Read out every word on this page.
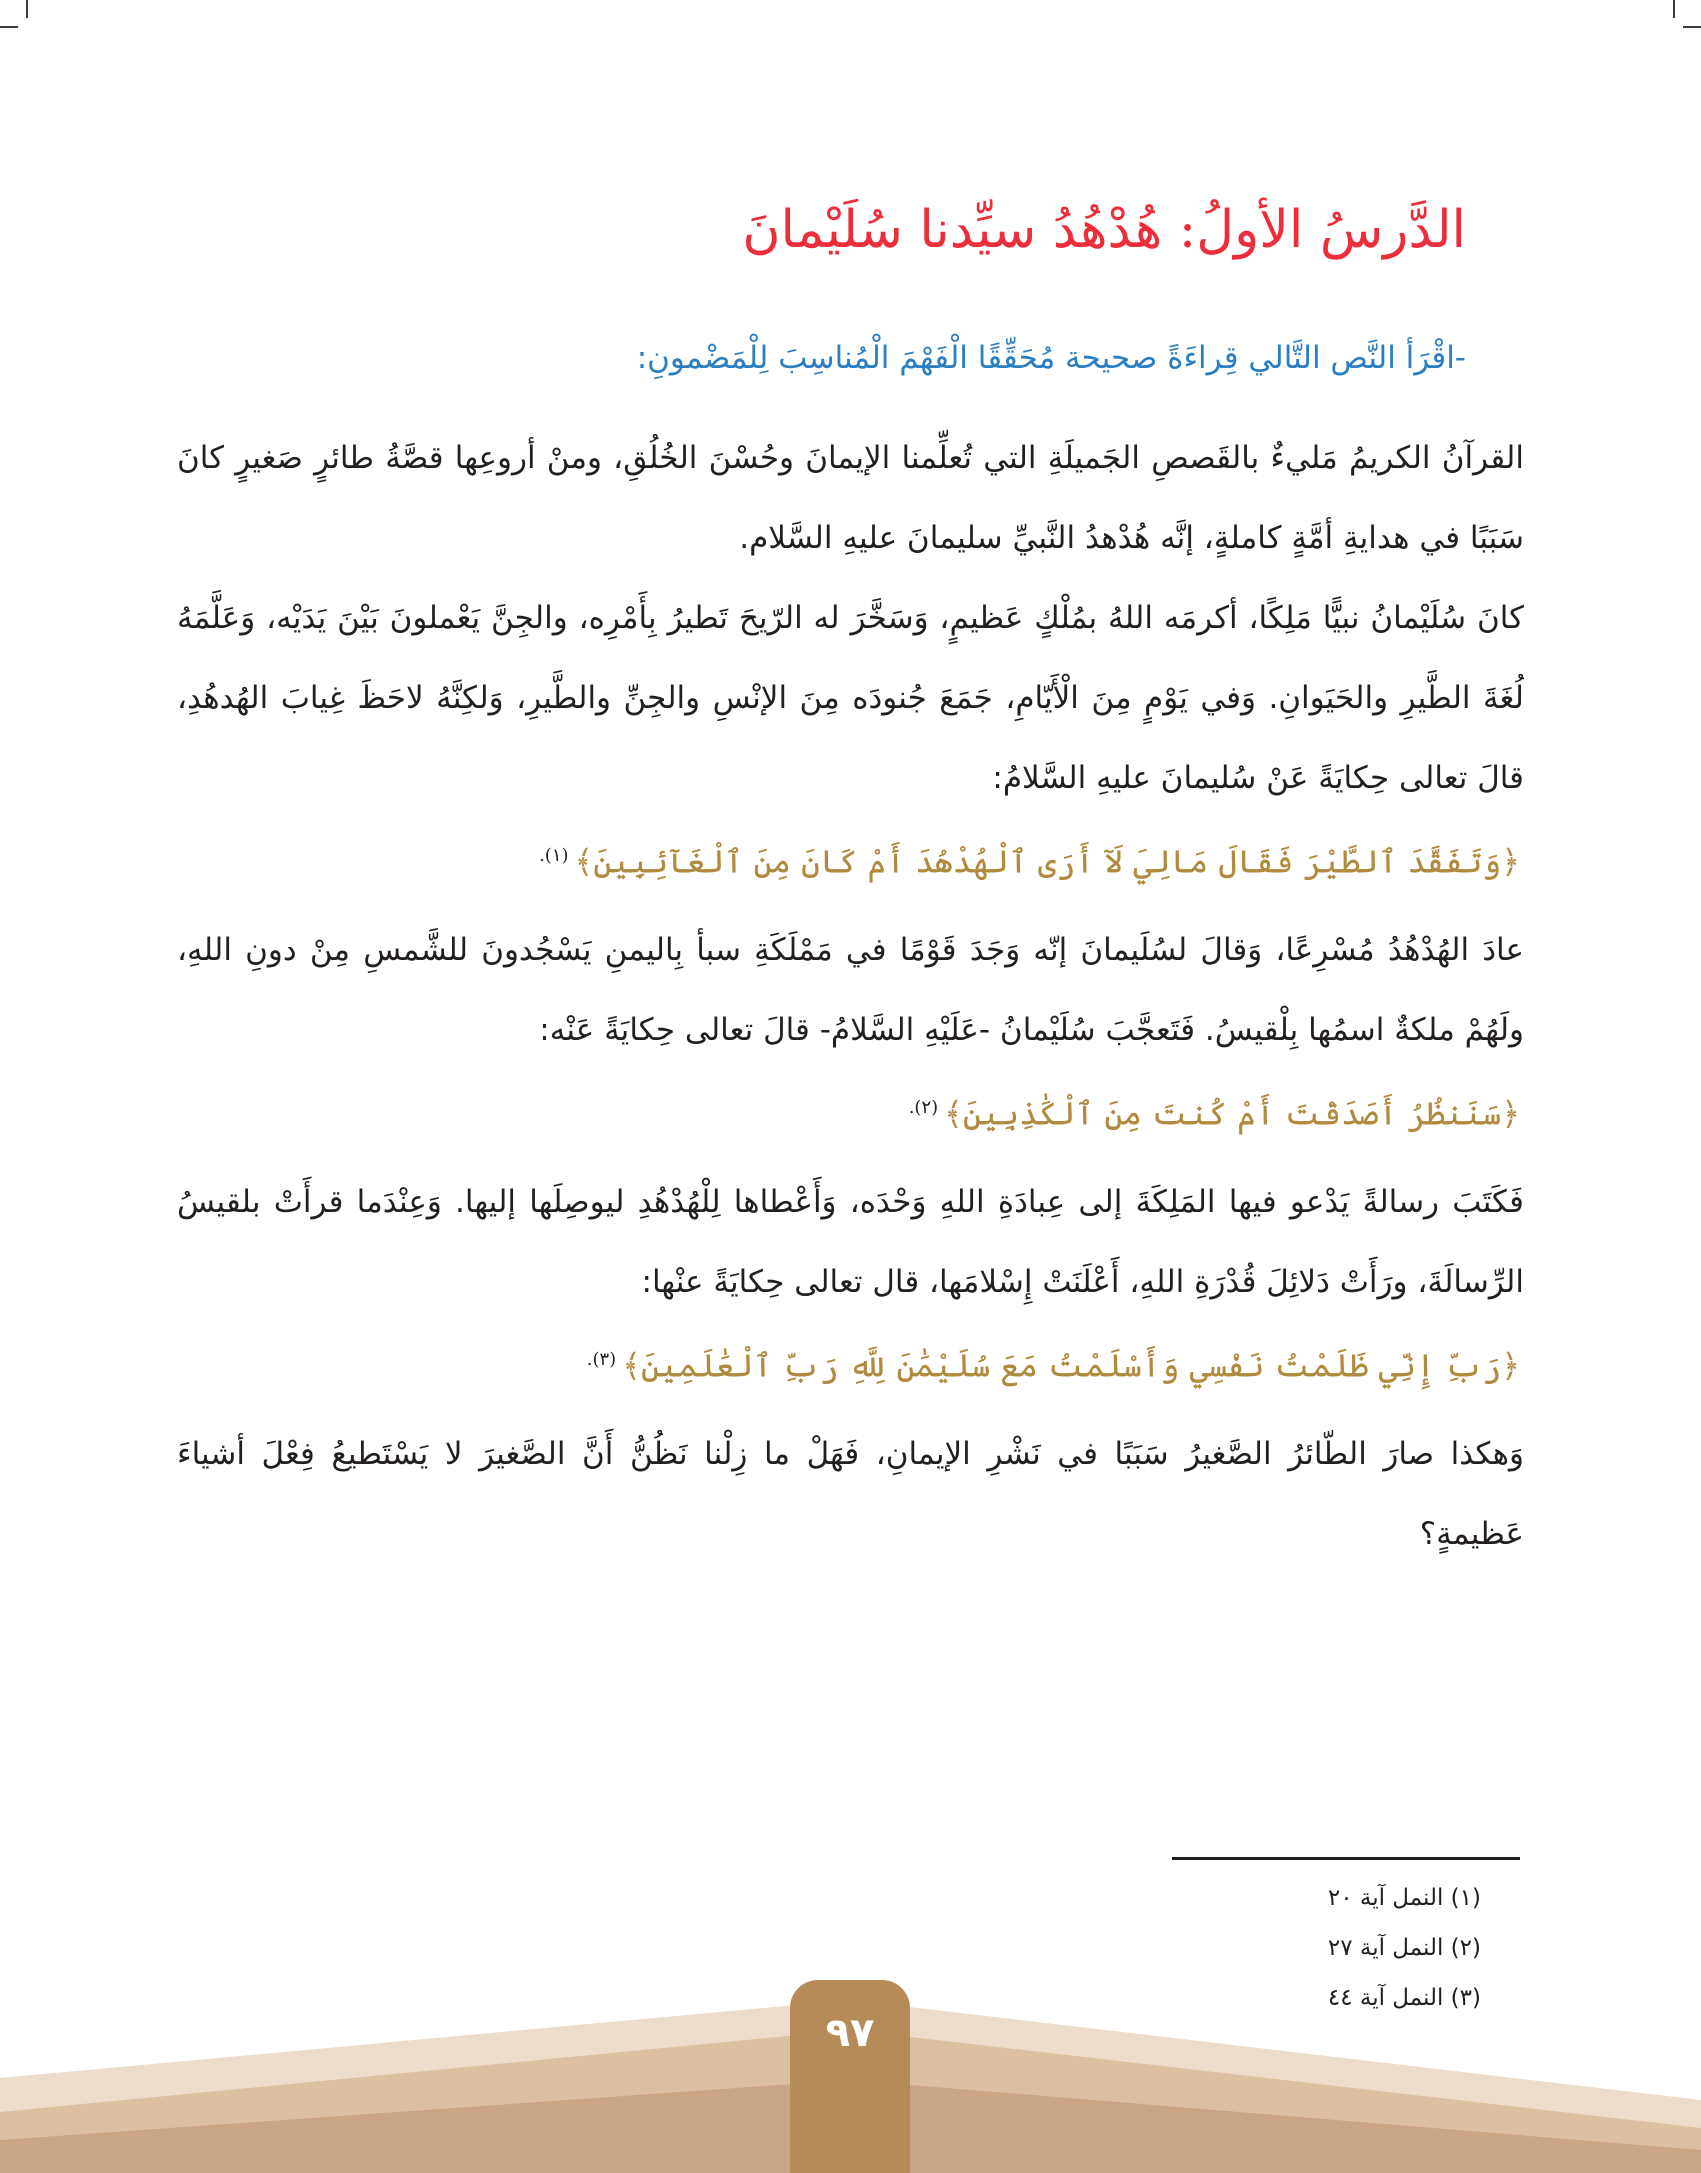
الدَّرسُ الأولُ: هُدْهُدُ سيِّدنا سُلَيْمانَ
-اقْرَأ النَّص التَّالي قِراءَةً صحيحة مُحَقِّقًا الْفَهْمَ الْمُناسِبَ لِلْمَضْمونِ:

القرآنُ الكريمُ مَليءٌ بالقَصصِ الجَميلَةِ التي تُعلِّمنا الإيمانَ وحُسْنَ الخُلُقِ، ومنْ أروعِها قصَّةُ طائرٍ صَغيرٍ كانَ سَبَبًا في هدايةِ أمَّةٍ كاملةٍ، إنَّه هُدْهدُ النَّبيِّ سليمانَ عليهِ السَّلام.

كانَ سُلَيْمانُ نبيًّا مَلِكًا، أكرمَه اللهُ بمُلْكٍ عَظيمٍ، وَسَخَّرَ له الرّيحَ تَطيرُ بِأَمْرِه، والجِنَّ يَعْملونَ بَيْنَ يَدَيْه، وَعَلَّمَهُ لُغَةَ الطَّيرِ والحَيَوانِ. وَفي يَوْمٍ مِنَ الْأَيّامِ، جَمَعَ جُنودَه مِنَ الإنْسِ والجِنِّ والطَّيرِ، وَلكِنَّهُ لاحَظَ غِيابَ الهُدهُدِ، قالَ تعالى حِكايَةً عَنْ سُليمانَ عليهِ السَّلامُ:

﴿وَتَفَقَّدَ ٱلطَّيْرَ فَقَالَ مَالِيَ لَآ أَرَى ٱلْهُدْهُدَ أَمْ كَانَ مِنَ ٱلْغَآئِبِينَ﴾$^{(١).}$

عادَ الهُدْهُدُ مُسْرِعًا، وَقالَ لسُلَيمانَ إنّه وَجَدَ قَوْمًا في مَمْلَكَةِ سبأ بِاليمنِ يَسْجُدونَ للشَّمسِ مِنْ دونِ اللهِ، ولَهُمْ ملكةٌ اسمُها بِلْقيسُ. فَتَعجَّبَ سُلَيْمانُ -عَلَيْهِ السَّلامُ- قالَ تعالى حِكايَةً عَنْه:

﴿سَنَنظُرُ أَصَدَقْتَ أَمْ كُنتَ مِنَ ٱلْكَٰذِبِينَ﴾$^{(٢).}$

فَكَتَبَ رسالةً يَدْعو فيها المَلِكَةَ إلى عِبادَةِ اللهِ وَحْدَه، وَأَعْطاها لِلْهُدْهُدِ ليوصِلَها إليها. وَعِنْدَما قرأَتْ بلقيسُ الرِّسالَةَ، ورَأَتْ دَلائِلَ قُدْرَةِ اللهِ، أَعْلَنَتْ إِسْلامَها، قال تعالى حِكايَةً عنْها:

﴿رَبِّ إِنِّي ظَلَمْتُ نَفْسِي وَأَسْلَمْتُ مَعَ سُلَيْمَٰنَ لِلَّهِ رَبِّ ٱلْعَٰلَمِينَ﴾$^{(٣).}$

وَهكذا صارَ الطّائرُ الصَّغيرُ سَبَبًا في نَشْرِ الإيمانِ، فَهَلْ ما زِلْنا نَظُنُّ أَنَّ الصَّغيرَ لا يَسْتَطيعُ فِعْلَ أشياءَ عَظيمةٍ؟

(١) النمل آية ٢٠
(٢) النمل آية ٢٧
(٣) النمل آية ٤٤
٩٧
